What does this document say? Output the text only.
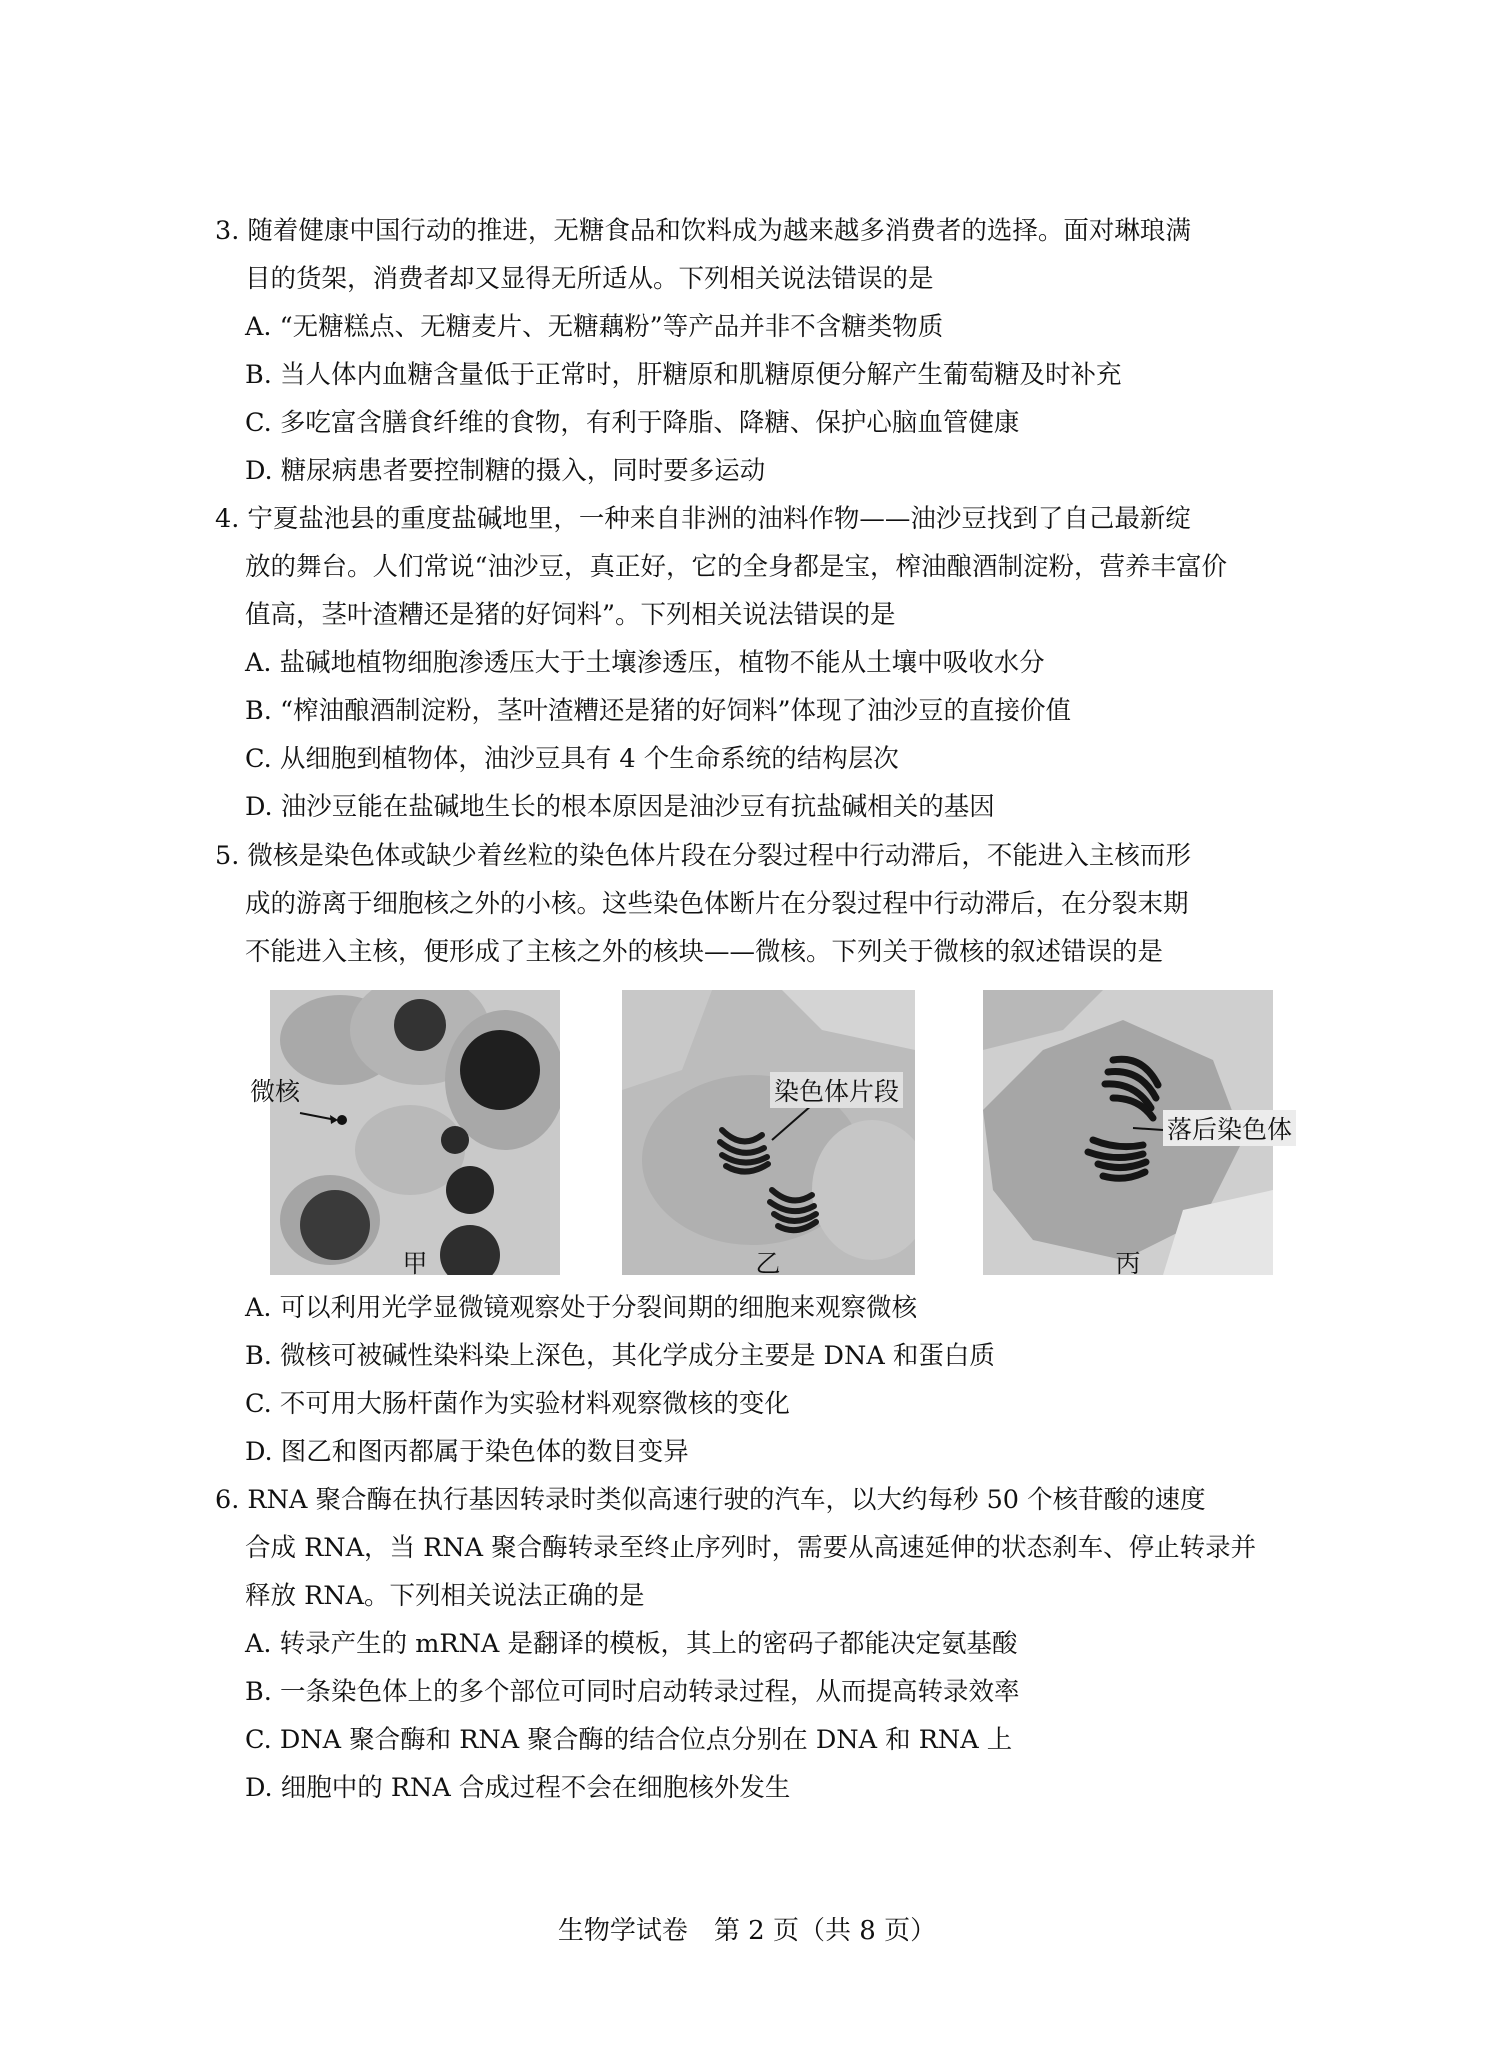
3. 随着健康中国行动的推进，无糖食品和饮料成为越来越多消费者的选择。面对琳琅满
目的货架，消费者却又显得无所适从。下列相关说法错误的是
A. “无糖糕点、无糖麦片、无糖藕粉”等产品并非不含糖类物质
B. 当人体内血糖含量低于正常时，肝糖原和肌糖原便分解产生葡萄糖及时补充
C. 多吃富含膳食纤维的食物，有利于降脂、降糖、保护心脑血管健康
D. 糖尿病患者要控制糖的摄入，同时要多运动
4. 宁夏盐池县的重度盐碱地里，一种来自非洲的油料作物——油沙豆找到了自己最新绽
放的舞台。人们常说“油沙豆，真正好，它的全身都是宝，榨油酿酒制淀粉，营养丰富价
值高，茎叶渣糟还是猪的好饲料”。下列相关说法错误的是
A. 盐碱地植物细胞渗透压大于土壤渗透压，植物不能从土壤中吸收水分
B. “榨油酿酒制淀粉，茎叶渣糟还是猪的好饲料”体现了油沙豆的直接价值
C. 从细胞到植物体，油沙豆具有 4 个生命系统的结构层次
D. 油沙豆能在盐碱地生长的根本原因是油沙豆有抗盐碱相关的基因
5. 微核是染色体或缺少着丝粒的染色体片段在分裂过程中行动滞后，不能进入主核而形
成的游离于细胞核之外的小核。这些染色体断片在分裂过程中行动滞后，在分裂末期
不能进入主核，便形成了主核之外的核块——微核。下列关于微核的叙述错误的是
微核	染色体片段
落后染色体
甲	乙	丙
A. 可以利用光学显微镜观察处于分裂间期的细胞来观察微核
B. 微核可被碱性染料染上深色，其化学成分主要是 DNA 和蛋白质
C. 不可用大肠杆菌作为实验材料观察微核的变化
D. 图乙和图丙都属于染色体的数目变异
6. RNA 聚合酶在执行基因转录时类似高速行驶的汽车，以大约每秒 50 个核苷酸的速度
合成 RNA，当 RNA 聚合酶转录至终止序列时，需要从高速延伸的状态刹车、停止转录并
释放 RNA。下列相关说法正确的是
A. 转录产生的 mRNA 是翻译的模板，其上的密码子都能决定氨基酸
B. 一条染色体上的多个部位可同时启动转录过程，从而提高转录效率
C. DNA 聚合酶和 RNA 聚合酶的结合位点分别在 DNA 和 RNA 上
D. 细胞中的 RNA 合成过程不会在细胞核外发生
生物学试卷　第 2 页（共 8 页）
